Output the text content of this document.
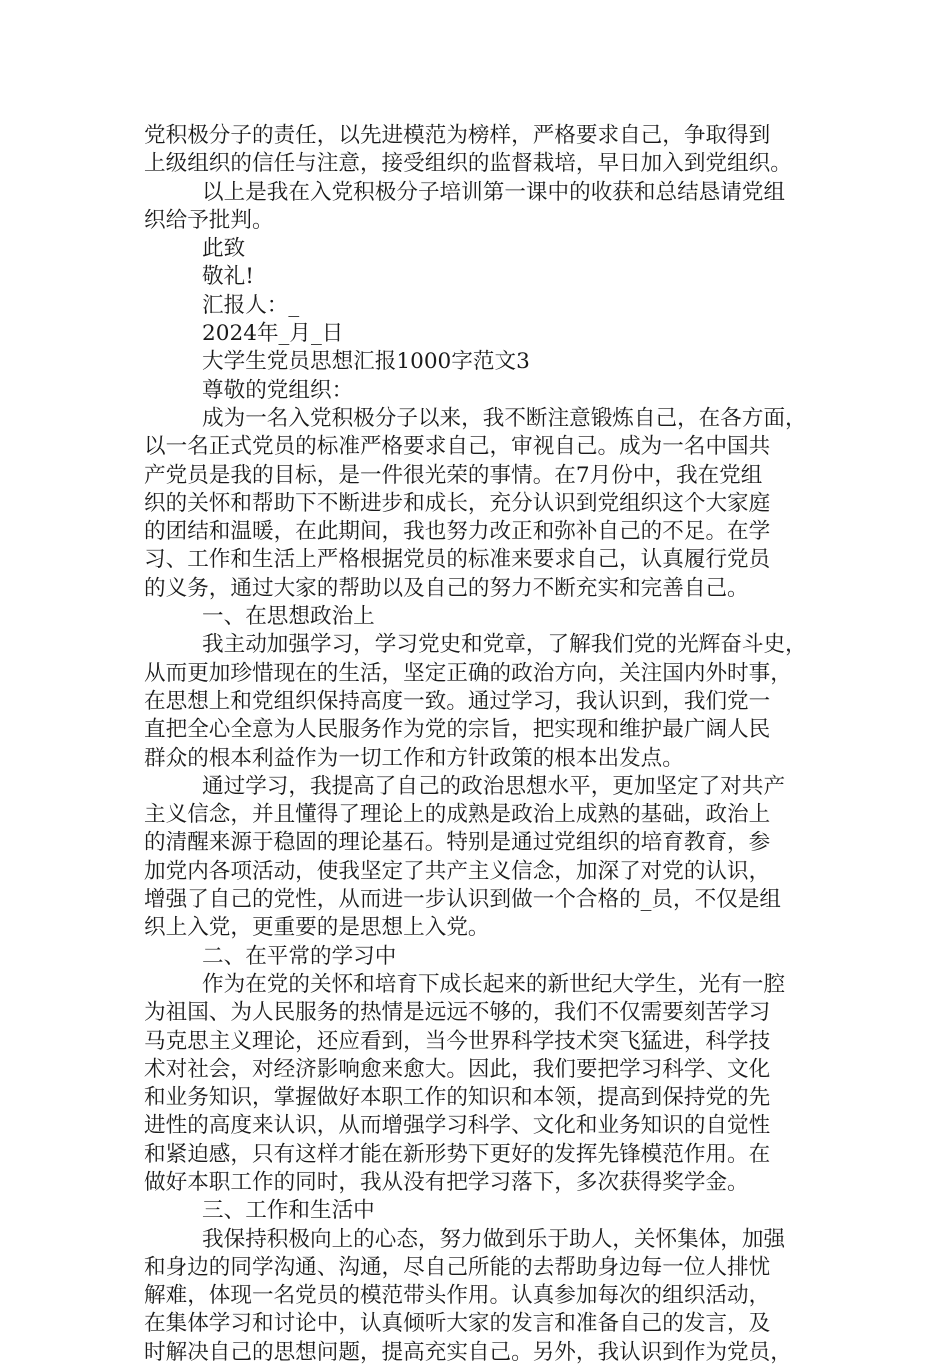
党积极分子的责任，以先进模范为榜样，严格要求自己，争取得到
上级组织的信任与注意，接受组织的监督栽培，早日加入到党组织。
以上是我在入党积极分子培训第一课中的收获和总结恳请党组
织给予批判。
此致
敬礼!
汇报人：_
2024年_月_日
大学生党员思想汇报1000字范文3
尊敬的党组织：
成为一名入党积极分子以来，我不断注意锻炼自己，在各方面，
以一名正式党员的标准严格要求自己，审视自己。成为一名中国共
产党员是我的目标，是一件很光荣的事情。在7月份中，我在党组
织的关怀和帮助下不断进步和成长，充分认识到党组织这个大家庭
的团结和温暖，在此期间，我也努力改正和弥补自己的不足。在学
习、工作和生活上严格根据党员的标准来要求自己，认真履行党员
的义务，通过大家的帮助以及自己的努力不断充实和完善自己。
一、在思想政治上
我主动加强学习，学习党史和党章，了解我们党的光辉奋斗史，
从而更加珍惜现在的生活，坚定正确的政治方向，关注国内外时事，
在思想上和党组织保持高度一致。通过学习，我认识到，我们党一
直把全心全意为人民服务作为党的宗旨，把实现和维护最广阔人民
群众的根本利益作为一切工作和方针政策的根本出发点。
通过学习，我提高了自己的政治思想水平，更加坚定了对共产
主义信念，并且懂得了理论上的成熟是政治上成熟的基础，政治上
的清醒来源于稳固的理论基石。特别是通过党组织的培育教育，参
加党内各项活动，使我坚定了共产主义信念，加深了对党的认识，
增强了自己的党性，从而进一步认识到做一个合格的_员，不仅是组
织上入党，更重要的是思想上入党。
二、在平常的学习中
作为在党的关怀和培育下成长起来的新世纪大学生，光有一腔
为祖国、为人民服务的热情是远远不够的，我们不仅需要刻苦学习
马克思主义理论，还应看到，当今世界科学技术突飞猛进，科学技
术对社会，对经济影响愈来愈大。因此，我们要把学习科学、文化
和业务知识，掌握做好本职工作的知识和本领，提高到保持党的先
进性的高度来认识，从而增强学习科学、文化和业务知识的自觉性
和紧迫感，只有这样才能在新形势下更好的发挥先锋模范作用。在
做好本职工作的同时，我从没有把学习落下，多次获得奖学金。
三、工作和生活中
我保持积极向上的心态，努力做到乐于助人，关怀集体，加强
和身边的同学沟通、沟通，尽自己所能的去帮助身边每一位人排忧
解难，体现一名党员的模范带头作用。认真参加每次的组织活动，
在集体学习和讨论中，认真倾听大家的发言和准备自己的发言，及
时解决自己的思想问题，提高充实自己。另外，我认识到作为党员，
